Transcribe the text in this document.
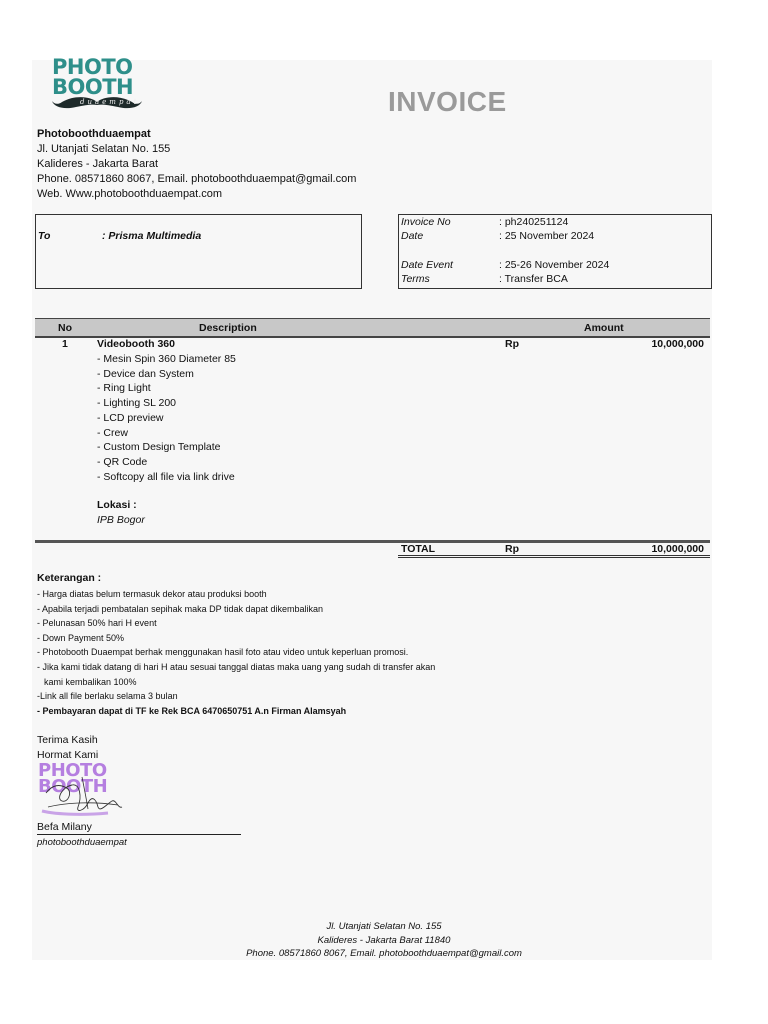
PHOTO
BOOTH
duaempat	INVOICE
Photoboothduaempat
Jl. Utanjati Selatan No. 155
Kalideres - Jakarta Barat
Phone. 08571860 8067, Email. photoboothduaempat@gmail.com
Web. Www.photoboothduaempat.com
To	: Prisma Multimedia
Invoice No	: ph240251124
Date	: 25 November 2024
Date Event	: 25-26 November 2024
Terms	: Transfer BCA
No	Description	Amount
1	Videobooth 360	Rp	10,000,000
- Mesin Spin 360 Diameter 85
- Device dan System
- Ring Light
- Lighting SL 200
- LCD preview
- Crew
- Custom Design Template
- QR Code
- Softcopy all file via link drive
Lokasi :
IPB Bogor
TOTAL	Rp	10,000,000
Keterangan :
- Harga diatas belum termasuk dekor atau produksi booth
- Apabila terjadi pembatalan sepihak maka DP tidak dapat dikembalikan
- Pelunasan 50% hari H event
- Down Payment 50%
- Photobooth Duaempat berhak menggunakan hasil foto atau video untuk keperluan promosi.
- Jika kami tidak datang di hari H atau sesuai tanggal diatas maka uang yang sudah di transfer akan
kami kembalikan 100%
-Link all file berlaku selama 3 bulan
- Pembayaran dapat di TF ke Rek BCA 6470650751 A.n Firman Alamsyah
Terima Kasih
Hormat Kami
PHOTO
BOOTH
Befa Milany
photoboothduaempat
Jl. Utanjati Selatan No. 155
Kalideres - Jakarta Barat 11840
Phone. 08571860 8067, Email. photoboothduaempat@gmail.com
